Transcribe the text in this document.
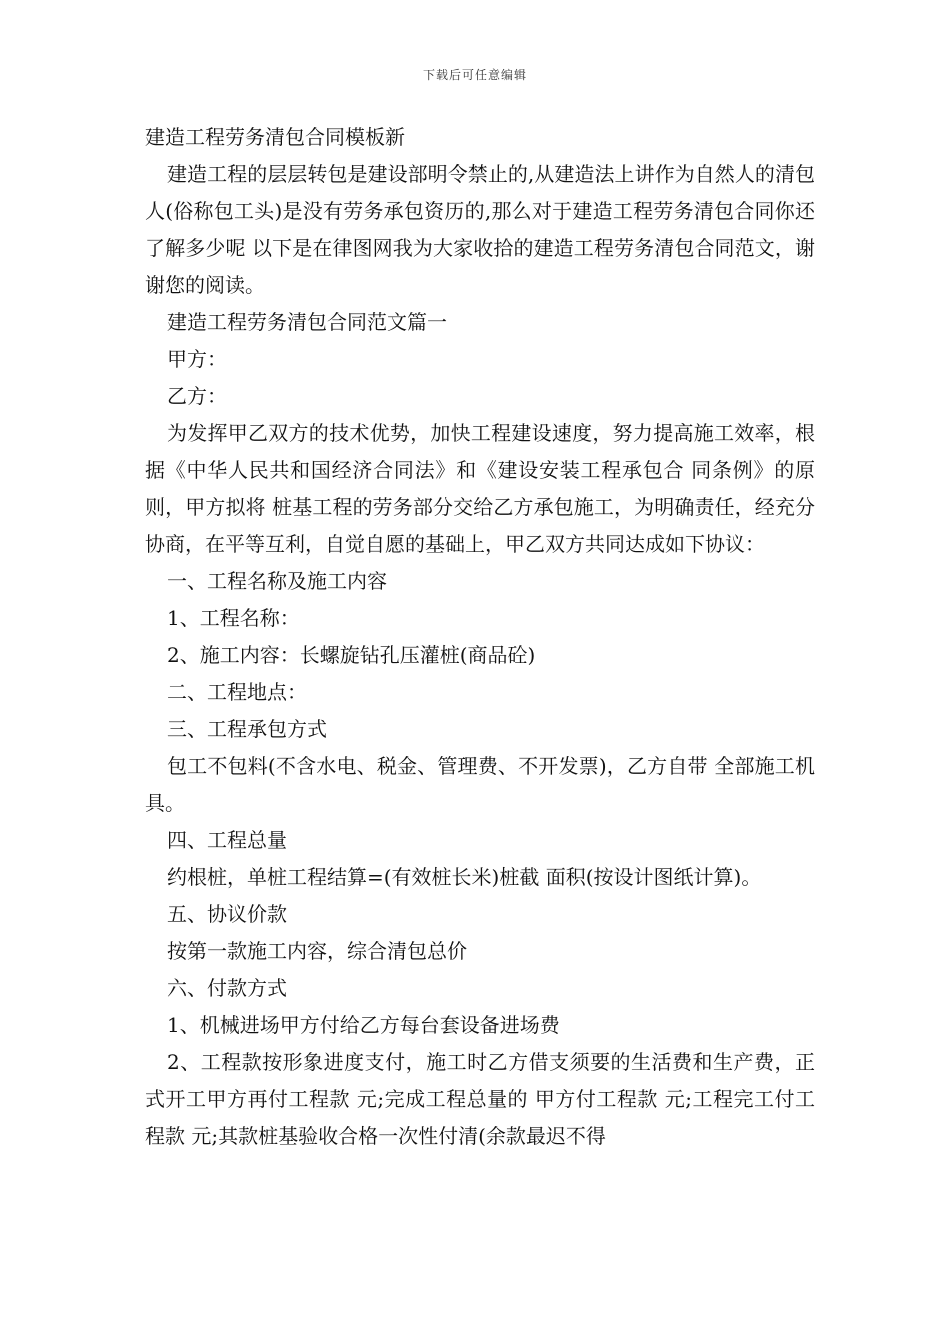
下载后可任意编辑

建造工程劳务清包合同模板新

建造工程的层层转包是建设部明令禁止的,从建造法上讲作为自然人的清包人(俗称包工头)是没有劳务承包资历的,那么对于建造工程劳务清包合同你还了解多少呢 以下是在律图网我为大家收拾的建造工程劳务清包合同范文，谢谢您的阅读。

建造工程劳务清包合同范文篇一

甲方：

乙方：

为发挥甲乙双方的技术优势，加快工程建设速度，努力提高施工效率，根据《中华人民共和国经济合同法》和《建设安装工程承包合 同条例》的原则，甲方拟将 桩基工程的劳务部分交给乙方承包施工，为明确责任，经充分协商，在平等互利，自觉自愿的基础上，甲乙双方共同达成如下协议：

一、工程名称及施工内容

1、工程名称：

2、施工内容：长螺旋钻孔压灌桩(商品砼)

二、工程地点：

三、工程承包方式

包工不包料(不含水电、税金、管理费、不开发票)，乙方自带 全部施工机具。

四、工程总量

约根桩，单桩工程结算=(有效桩长米)桩截 面积(按设计图纸计算)。

五、协议价款

按第一款施工内容，综合清包总价

六、付款方式

1、机械进场甲方付给乙方每台套设备进场费

2、工程款按形象进度支付，施工时乙方借支须要的生活费和生产费，正式开工甲方再付工程款 元;完成工程总量的 甲方付工程款 元;工程完工付工程款 元;其款桩基验收合格一次性付清(余款最迟不得
